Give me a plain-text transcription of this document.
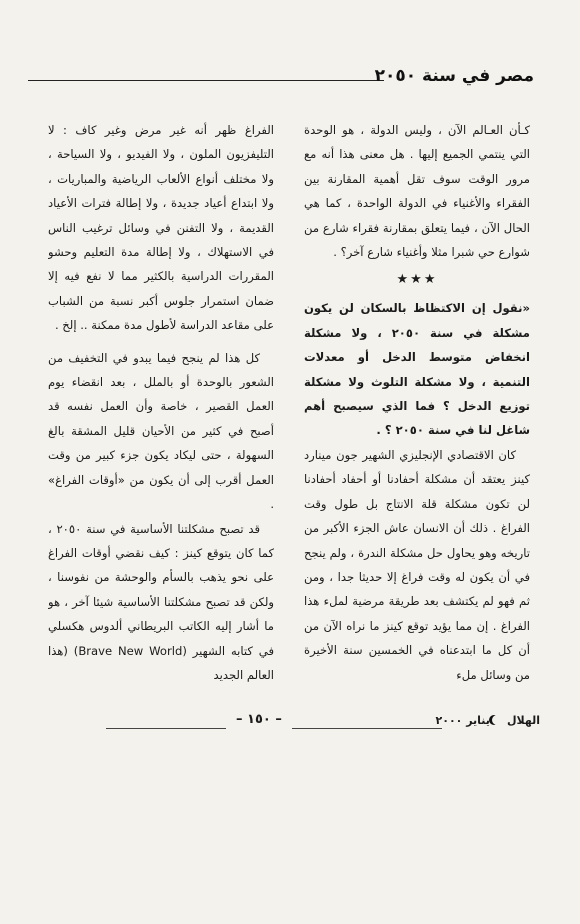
مصر في سنة ٢٠٥٠

كـأن العـالم الآن ، وليس الدولة ، هو الوحدة التي ينتمي الجميع إليها . هل معنى هذا أنه مع مرور الوقت سوف تقل أهمية المقارنة بين الفقراء والأغنياء في الدولة الواحدة ، كما هي الحال الآن ، فيما يتعلق بمقارنة فقراء شارع من شوارع حي شبرا مثلا وأغنياء شارع آخر؟ .

★★★

«نقول إن الاكتظاظ بالسكان لن يكون مشكلة في سنة ٢٠٥٠ ، ولا مشكلة انخفاض متوسط الدخل أو معدلات التنمية ، ولا مشكلة التلوث ولا مشكلة توزيع الدخل ؟ فما الذي سيصبح أهم شاغل لنا في سنة ٢٠٥٠ ؟ .

كان الاقتصادي الإنجليزي الشهير جون مينارد كينز يعتقد أن مشكلة أحفادنا أو أحفاد أحفادنا لن تكون مشكلة قلة الانتاج بل طول وقت الفراغ . ذلك أن الانسان عاش الجزء الأكبر من تاريخه وهو يحاول حل مشكلة الندرة ، ولم ينجح في أن يكون له وقت فراغ إلا حديثا جدا ، ومن ثم فهو لم يكتشف بعد طريقة مرضية لملء هذا الفراغ . إن مما يؤيد توقع كينز ما نراه الآن من أن كل ما ابتدعناه في الخمسين سنة الأخيرة من وسائل ملء

الفراغ ظهر أنه غير مرض وغير كاف : لا التليفزيون الملون ، ولا الفيديو ، ولا السياحة ، ولا مختلف أنواع الألعاب الرياضية والمباريات ، ولا ابتداع أعياد جديدة ، ولا إطالة فترات الأعياد القديمة ، ولا التفنن في وسائل ترغيب الناس في الاستهلاك ، ولا إطالة مدة التعليم وحشو المقررات الدراسية بالكثير مما لا نفع فيه إلا ضمان استمرار جلوس أكبر نسبة من الشباب على مقاعد الدراسة لأطول مدة ممكنة .. إلخ .

كل هذا لم ينجح فيما يبدو في التخفيف من الشعور بالوحدة أو بالملل ، بعد انقضاء يوم العمل القصير ، خاصة وأن العمل نفسه قد أصبح في كثير من الأحيان قليل المشقة بالغ السهولة ، حتى ليكاد يكون جزء كبير من وقت العمل أقرب إلى أن يكون من «أوقات الفراغ» .

قد تصبح مشكلتنا الأساسية في سنة ٢٠٥٠ ، كما كان يتوقع كينز : كيف نقضي أوقات الفراغ على نحو يذهب بالسأم والوحشة من نفوسنا ، ولكن قد تصبح مشكلتنا الأساسية شيئا آخر ، هو ما أشار إليه الكاتب البريطاني ألدوس هكسلي في كتابه الشهير (Brave New World) (هذا العالم الجديد

– ١٥٠ –	الهلاليناير ٢٠٠٠
